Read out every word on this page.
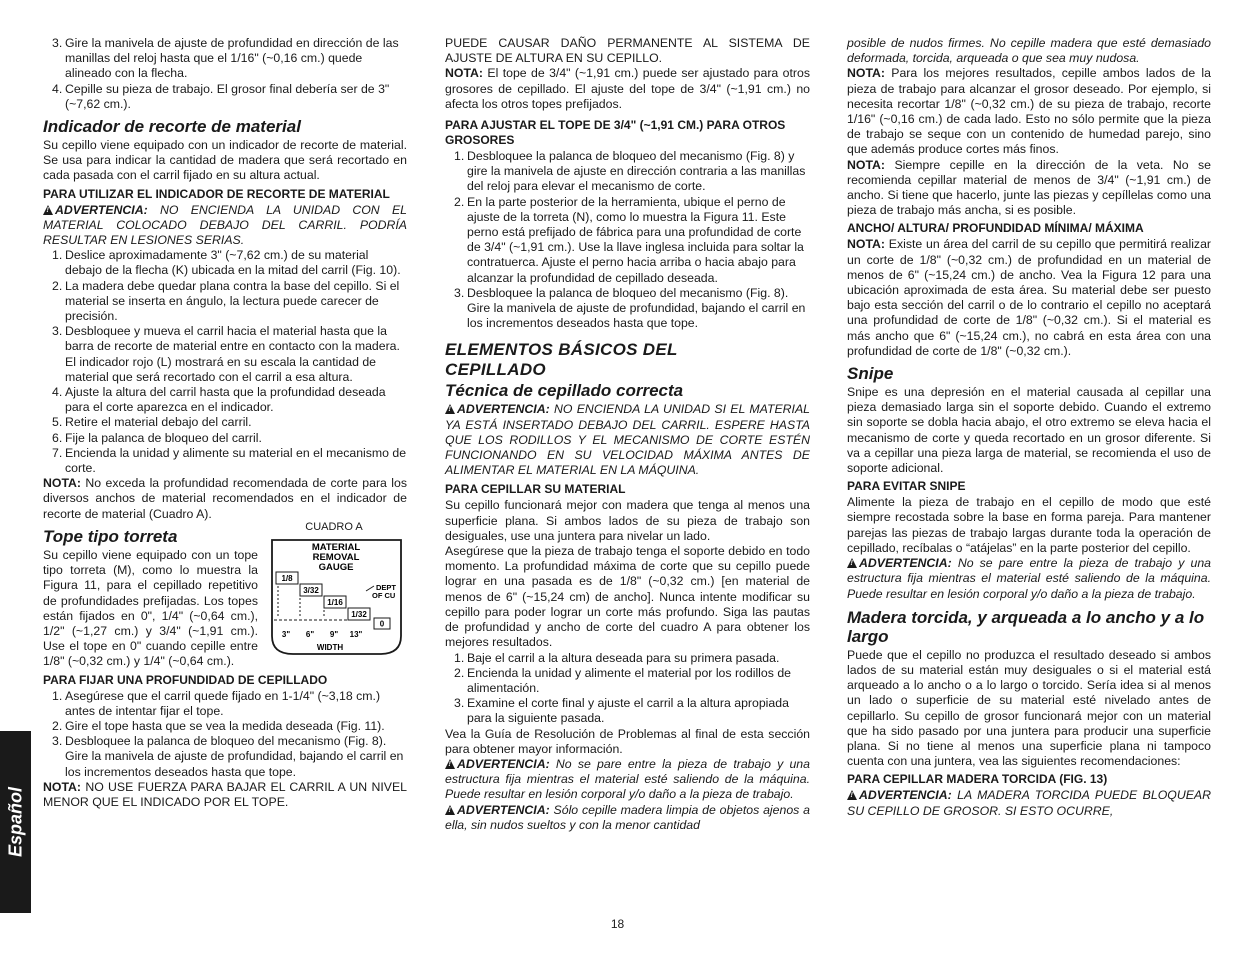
3. Gire la manivela de ajuste de profundidad en dirección de las manillas del reloj hasta que el 1/16" (~0,16 cm.) quede alineado con la flecha.
4. Cepille su pieza de trabajo. El grosor final debería ser de 3" (~7,62 cm.).
Indicador de recorte de material

Su cepillo viene equipado con un indicador de recorte de material. Se usa para indicar la cantidad de madera que será recortado en cada pasada con el carril fijado en su altura actual.

PARA UTILIZAR EL INDICADOR DE RECORTE DE MATERIAL

!ADVERTENCIA: NO ENCIENDA LA UNIDAD CON EL MATERIAL COLOCADO DEBAJO DEL CARRIL. PODRÍA RESULTAR EN LESIONES SERIAS.

1. Deslice aproximadamente 3" (~7,62 cm.) de su material debajo de la flecha (K) ubicada en la mitad del carril (Fig. 10).
2. La madera debe quedar plana contra la base del cepillo. Si el material se inserta en ángulo, la lectura puede carecer de precisión.
3. Desbloquee y mueva el carril hacia el material hasta que la barra de recorte de material entre en contacto con la madera. El indicador rojo (L) mostrará en su escala la cantidad de material que será recortado con el carril a esa altura.
4. Ajuste la altura del carril hasta que la profundidad deseada para el corte aparezca en el indicador.
5. Retire el material debajo del carril.
6. Fije la palanca de bloqueo del carril.
7. Encienda la unidad y alimente su material en el mecanismo de corte.

NOTA: No exceda la profundidad recomendada de corte para los diversos anchos de material recomendados en el indicador de recorte de material (Cuadro A).

Tope tipo torreta

Su cepillo viene equipado con un tope tipo torreta (M), como lo muestra la Figura 11, para el cepillado repetitivo de profundidades prefijadas. Los topes están fijados en 0", 1/4" (~0,64 cm.), 1/2" (~1,27 cm.) y 3/4" (~1,91 cm.). Use el tope en 0" cuando cepille entre 1/8" (~0,32 cm.) y 1/4" (~0,64 cm.).

CUADRO A
MATERIAL
REMOVAL
GAUGE
1/8
3/32
1/16
1/32
0
DEPT
OF CU
3" 6" 9" 13"
WIDTH
PARA FIJAR UNA PROFUNDIDAD DE CEPILLADO
1. Asegúrese que el carril quede fijado en 1-1/4" (~3,18 cm.) antes de intentar fijar el tope.
2. Gire el tope hasta que se vea la medida deseada (Fig. 11).
3. Desbloquee la palanca de bloqueo del mecanismo (Fig. 8). Gire la manivela de ajuste de profundidad, bajando el carril en los incrementos deseados hasta que tope.

NOTA: NO USE FUERZA PARA BAJAR EL CARRIL A UN NIVEL MENOR QUE EL INDICADO POR EL TOPE.

PUEDE CAUSAR DAÑO PERMANENTE AL SISTEMA DE AJUSTE DE ALTURA EN SU CEPILLO.

NOTA: El tope de 3/4" (~1,91 cm.) puede ser ajustado para otros grosores de cepillado. El ajuste del tope de 3/4" (~1,91 cm.) no afecta los otros topes prefijados.

PARA AJUSTAR EL TOPE DE 3/4" (~1,91 CM.) PARA OTROS GROSORES
1. Desbloquee la palanca de bloqueo del mecanismo (Fig. 8) y gire la manivela de ajuste en dirección contraria a las manillas del reloj para elevar el mecanismo de corte.
2. En la parte posterior de la herramienta, ubique el perno de ajuste de la torreta (N), como lo muestra la Figura 11. Este perno está prefijado de fábrica para una profundidad de corte de 3/4" (~1,91 cm.). Use la llave inglesa incluida para soltar la contratuerca. Ajuste el perno hacia arriba o hacia abajo para alcanzar la profundidad de cepillado deseada.
3. Desbloquee la palanca de bloqueo del mecanismo (Fig. 8). Gire la manivela de ajuste de profundidad, bajando el carril en los incrementos deseados hasta que tope.
ELEMENTOS BÁSICOS DEL
CEPILLADO
Técnica de cepillado correcta

!ADVERTENCIA: NO ENCIENDA LA UNIDAD SI EL MATERIAL YA ESTÁ INSERTADO DEBAJO DEL CARRIL. ESPERE HASTA QUE LOS RODILLOS Y EL MECANISMO DE CORTE ESTÉN FUNCIONANDO EN SU VELOCIDAD MÁXIMA ANTES DE ALIMENTAR EL MATERIAL EN LA MÁQUINA.

PARA CEPILLAR SU MATERIAL

Su cepillo funcionará mejor con madera que tenga al menos una superficie plana. Si ambos lados de su pieza de trabajo son desiguales, use una juntera para nivelar un lado.

Asegúrese que la pieza de trabajo tenga el soporte debido en todo momento. La profundidad máxima de corte que su cepillo puede lograr en una pasada es de 1/8" (~0,32 cm.) [en material de menos de 6" (~15,24 cm) de ancho]. Nunca intente modificar su cepillo para poder lograr un corte más profundo. Siga las pautas de profundidad y ancho de corte del cuadro A para obtener los mejores resultados.

1. Baje el carril a la altura deseada para su primera pasada.
2. Encienda la unidad y alimente el material por los rodillos de alimentación.
3. Examine el corte final y ajuste el carril a la altura apropiada para la siguiente pasada.

Vea la Guía de Resolución de Problemas al final de esta sección para obtener mayor información.

!ADVERTENCIA: No se pare entre la pieza de trabajo y una estructura fija mientras el material esté saliendo de la máquina. Puede resultar en lesión corporal y/o daño a la pieza de trabajo.

!ADVERTENCIA: Sólo cepille madera limpia de objetos ajenos a ella, sin nudos sueltos y con la menor cantidad

posible de nudos firmes. No cepille madera que esté demasiado deformada, torcida, arqueada o que sea muy nudosa.

NOTA: Para los mejores resultados, cepille ambos lados de la pieza de trabajo para alcanzar el grosor deseado. Por ejemplo, si necesita recortar 1/8" (~0,32 cm.) de su pieza de trabajo, recorte 1/16" (~0,16 cm.) de cada lado. Esto no sólo permite que la pieza de trabajo se seque con un contenido de humedad parejo, sino que además produce cortes más finos.

NOTA: Siempre cepille en la dirección de la veta. No se recomienda cepillar material de menos de 3/4" (~1,91 cm.) de ancho. Si tiene que hacerlo, junte las piezas y cepíllelas como una pieza de trabajo más ancha, si es posible.

ANCHO/ ALTURA/ PROFUNDIDAD MÍNIMA/ MÁXIMA

NOTA: Existe un área del carril de su cepillo que permitirá realizar un corte de 1/8" (~0,32 cm.) de profundidad en un material de menos de 6" (~15,24 cm.) de ancho. Vea la Figura 12 para una ubicación aproximada de esta área. Su material debe ser puesto bajo esta sección del carril o de lo contrario el cepillo no aceptará una profundidad de corte de 1/8" (~0,32 cm.). Si el material es más ancho que 6" (~15,24 cm.), no cabrá en esta área con una profundidad de corte de 1/8" (~0,32 cm.).

Snipe

Snipe es una depresión en el material causada al cepillar una pieza demasiado larga sin el soporte debido. Cuando el extremo sin soporte se dobla hacia abajo, el otro extremo se eleva hacia el mecanismo de corte y queda recortado en un grosor diferente. Si va a cepillar una pieza larga de material, se recomienda el uso de soporte adicional.

PARA EVITAR SNIPE

Alimente la pieza de trabajo en el cepillo de modo que esté siempre recostada sobre la base en forma pareja. Para mantener parejas las piezas de trabajo largas durante toda la operación de cepillado, recíbalas o “atájelas” en la parte posterior del cepillo.

!ADVERTENCIA: No se pare entre la pieza de trabajo y una estructura fija mientras el material esté saliendo de la máquina. Puede resultar en lesión corporal y/o daño a la pieza de trabajo.

Madera torcida, y arqueada a lo ancho y a lo largo

Puede que el cepillo no produzca el resultado deseado si ambos lados de su material están muy desiguales o si el material está arqueado a lo ancho o a lo largo o torcido. Sería idea si al menos un lado o superficie de su material esté nivelado antes de cepillarlo. Su cepillo de grosor funcionará mejor con un material que ha sido pasado por una juntera para producir una superficie plana. Si no tiene al menos una superficie plana ni tampoco cuenta con una juntera, vea las siguientes recomendaciones:

PARA CEPILLAR MADERA TORCIDA (FIG. 13)

!ADVERTENCIA: LA MADERA TORCIDA PUEDE BLOQUEAR SU CEPILLO DE GROSOR. SI ESTO OCURRE,

Español
18
